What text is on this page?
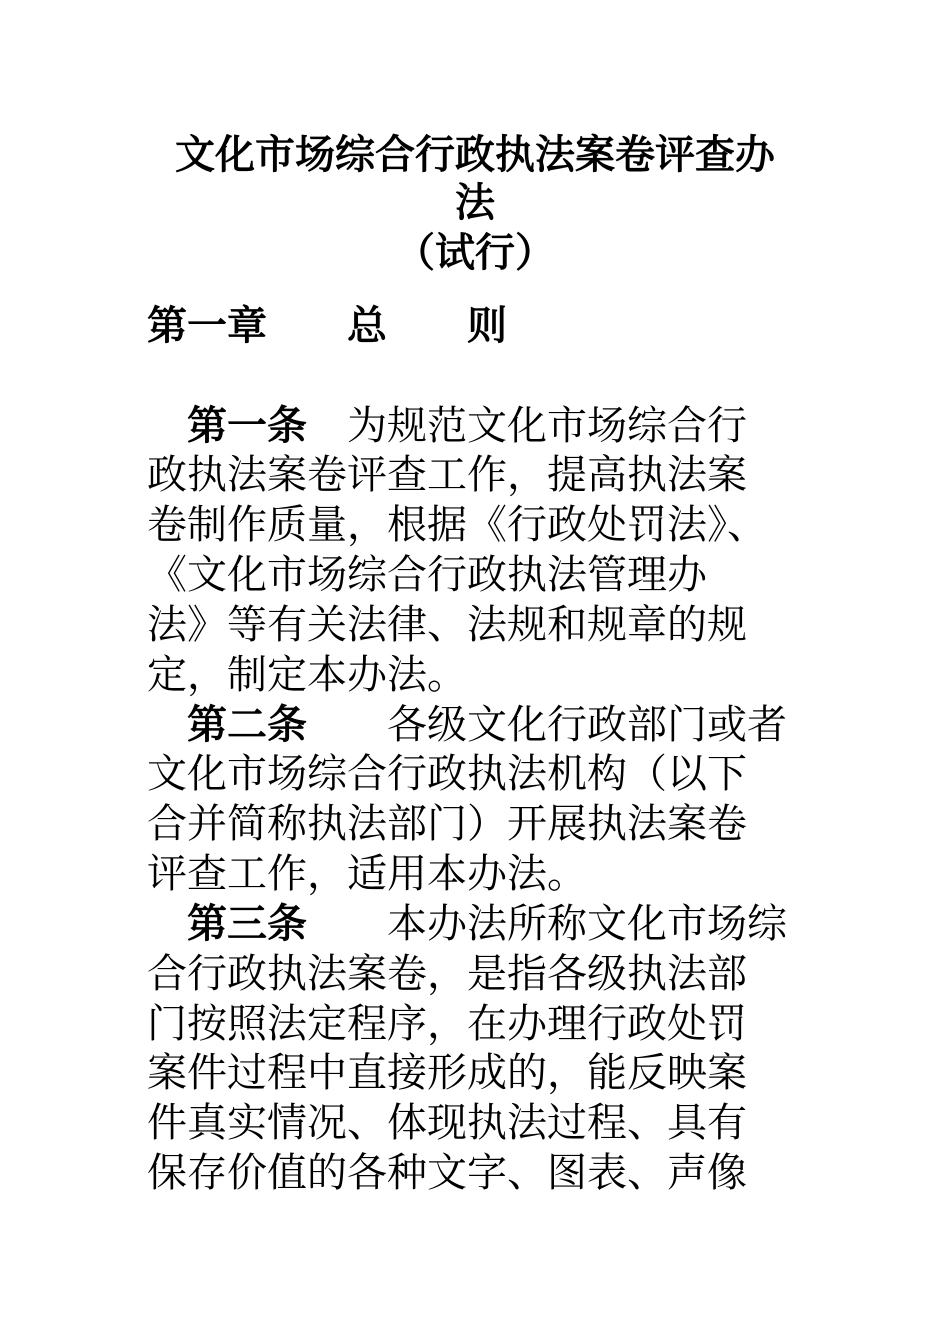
文化市场综合行政执法案卷评查办
法
（试行）
第一章　　总　　则
　第一条　为规范文化市场综合行
政执法案卷评查工作，提高执法案
卷制作质量，根据《行政处罚法》、
《文化市场综合行政执法管理办
法》等有关法律、法规和规章的规
定，制定本办法。
　第二条　　各级文化行政部门或者
文化市场综合行政执法机构（以下
合并简称执法部门）开展执法案卷
评查工作，适用本办法。
　第三条　　本办法所称文化市场综
合行政执法案卷，是指各级执法部
门按照法定程序，在办理行政处罚
案件过程中直接形成的，能反映案
件真实情况、体现执法过程、具有
保存价值的各种文字、图表、声像
